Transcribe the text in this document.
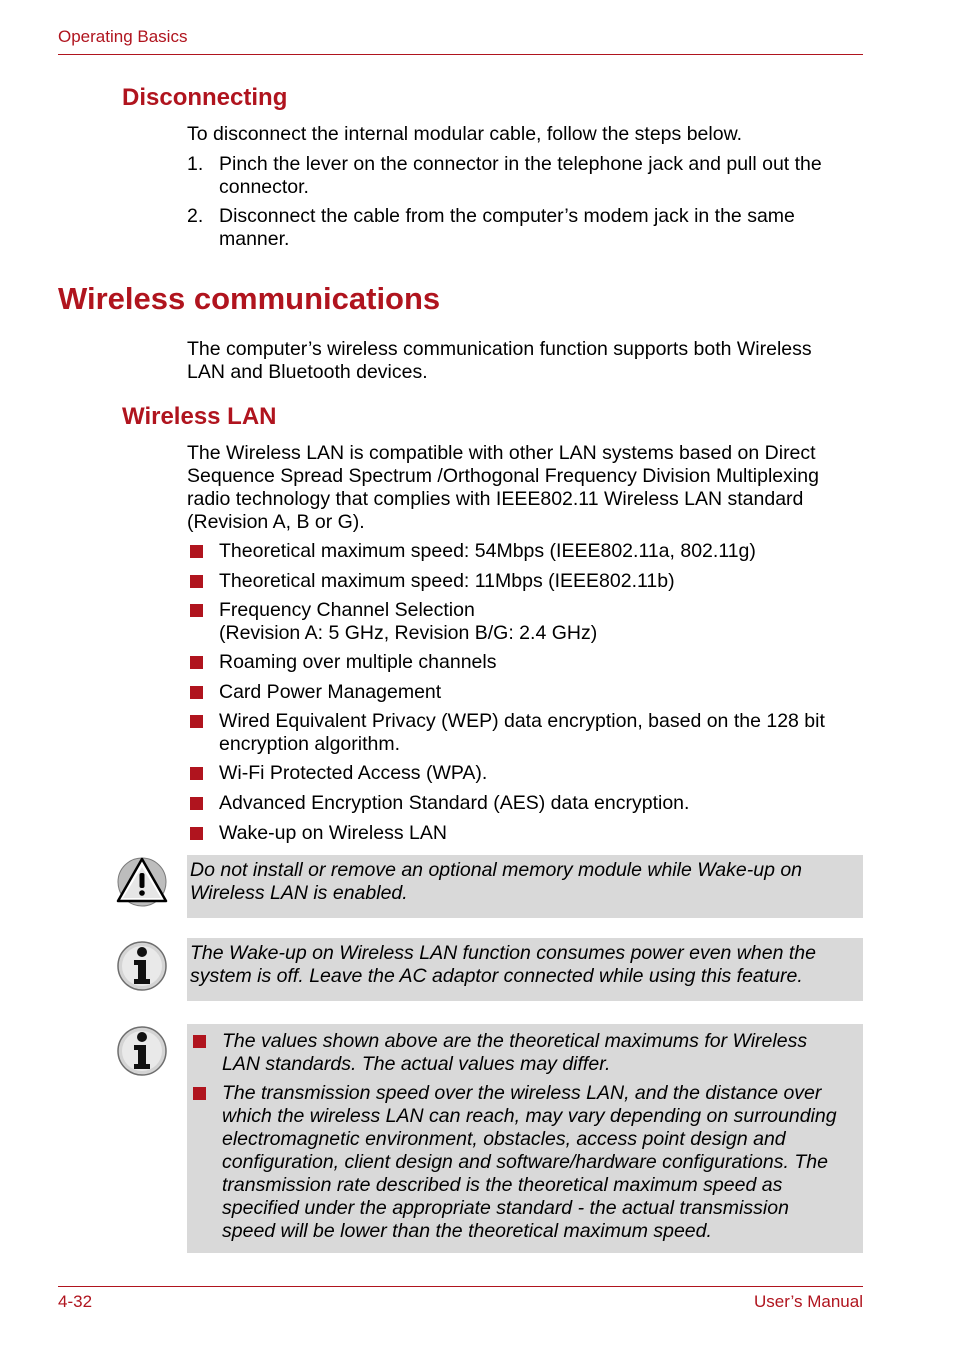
Operating Basics
Disconnecting
To disconnect the internal modular cable, follow the steps below.
1. Pinch the lever on the connector in the telephone jack and pull out the
connector.
2. Disconnect the cable from the computer’s modem jack in the same
manner.
Wireless communications
The computer’s wireless communication function supports both Wireless
LAN and Bluetooth devices.
Wireless LAN
The Wireless LAN is compatible with other LAN systems based on Direct
Sequence Spread Spectrum /Orthogonal Frequency Division Multiplexing
radio technology that complies with IEEE802.11 Wireless LAN standard
(Revision A, B or G).
Theoretical maximum speed: 54Mbps (IEEE802.11a, 802.11g)
Theoretical maximum speed: 11Mbps (IEEE802.11b)
Frequency Channel Selection
(Revision A: 5 GHz, Revision B/G: 2.4 GHz)
Roaming over multiple channels
Card Power Management
Wired Equivalent Privacy (WEP) data encryption, based on the 128 bit
encryption algorithm.
Wi-Fi Protected Access (WPA).
Advanced Encryption Standard (AES) data encryption.
Wake-up on Wireless LAN
Do not install or remove an optional memory module while Wake-up on
Wireless LAN is enabled.
The Wake-up on Wireless LAN function consumes power even when the
system is off. Leave the AC adaptor connected while using this feature.
The values shown above are the theoretical maximums for Wireless
LAN standards. The actual values may differ.
The transmission speed over the wireless LAN, and the distance over
which the wireless LAN can reach, may vary depending on surrounding
electromagnetic environment, obstacles, access point design and
configuration, client design and software/hardware configurations. The
transmission rate described is the theoretical maximum speed as
specified under the appropriate standard - the actual transmission
speed will be lower than the theoretical maximum speed.
4-32	User’s Manual
